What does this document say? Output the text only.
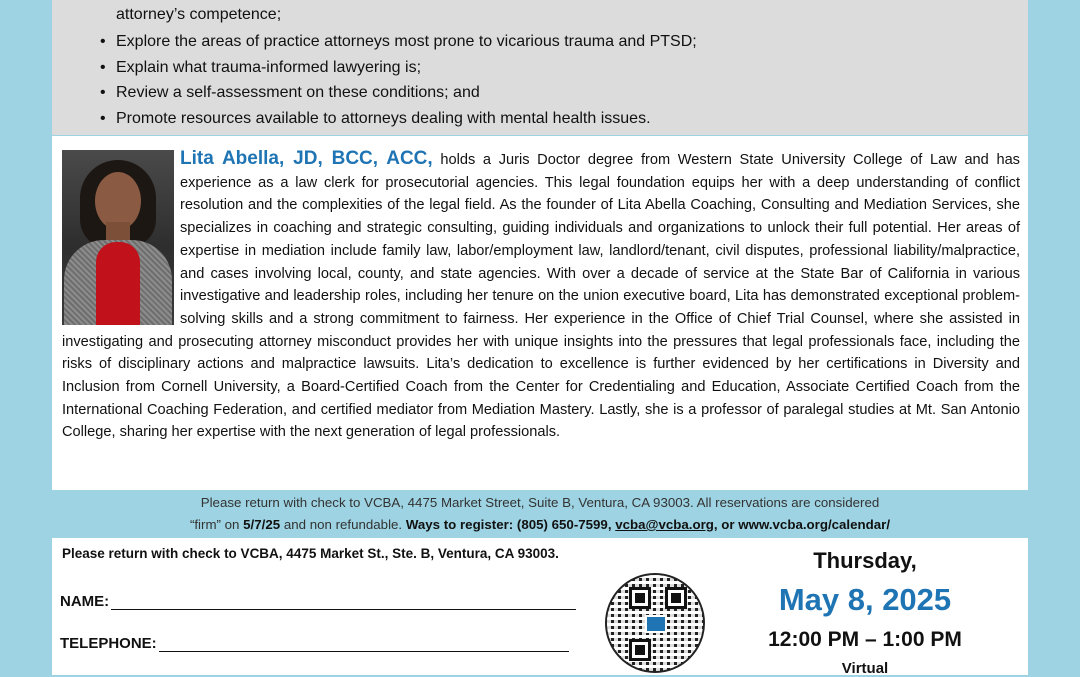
attorney’s competence;
• Explore the areas of practice attorneys most prone to vicarious trauma and PTSD;
• Explain what trauma-informed lawyering is;
• Review a self-assessment on these conditions; and
• Promote resources available to attorneys dealing with mental health issues.
Lita Abella, JD, BCC, ACC, holds a Juris Doctor degree from Western State University College of Law and has experience as a law clerk for prosecutorial agencies. This legal foundation equips her with a deep understanding of conflict resolution and the complexities of the legal field. As the founder of Lita Abella Coaching, Consulting and Mediation Services, she specializes in coaching and strategic consulting, guiding individuals and organizations to unlock their full potential. Her areas of expertise in mediation include family law, labor/employment law, landlord/tenant, civil disputes, professional liability/malpractice, and cases involving local, county, and state agencies. With over a decade of service at the State Bar of California in various investigative and leadership roles, including her tenure on the union executive board, Lita has demonstrated exceptional problem-solving skills and a strong commitment to fairness. Her experience in the Office of Chief Trial Counsel, where she assisted in investigating and prosecuting attorney misconduct provides her with unique insights into the pressures that legal professionals face, including the risks of disciplinary actions and malpractice lawsuits. Lita’s dedication to excellence is further evidenced by her certifications in Diversity and Inclusion from Cornell University, a Board-Certified Coach from the Center for Credentialing and Education, Associate Certified Coach from the International Coaching Federation, and certified mediator from Mediation Mastery. Lastly, she is a professor of paralegal studies at Mt. San Antonio College, sharing her expertise with the next generation of legal professionals.
Please return with check to VCBA, 4475 Market Street, Suite B, Ventura, CA 93003. All reservations are considered
“firm” on 5/7/25 and non refundable. Ways to register: (805) 650-7599, vcba@vcba.org, or www.vcba.org/calendar/
Please return with check to VCBA, 4475 Market St., Ste. B, Ventura, CA 93003.
NAME:
TELEPHONE:
Thursday,
May 8, 2025
12:00 PM – 1:00 PM
Virtual
